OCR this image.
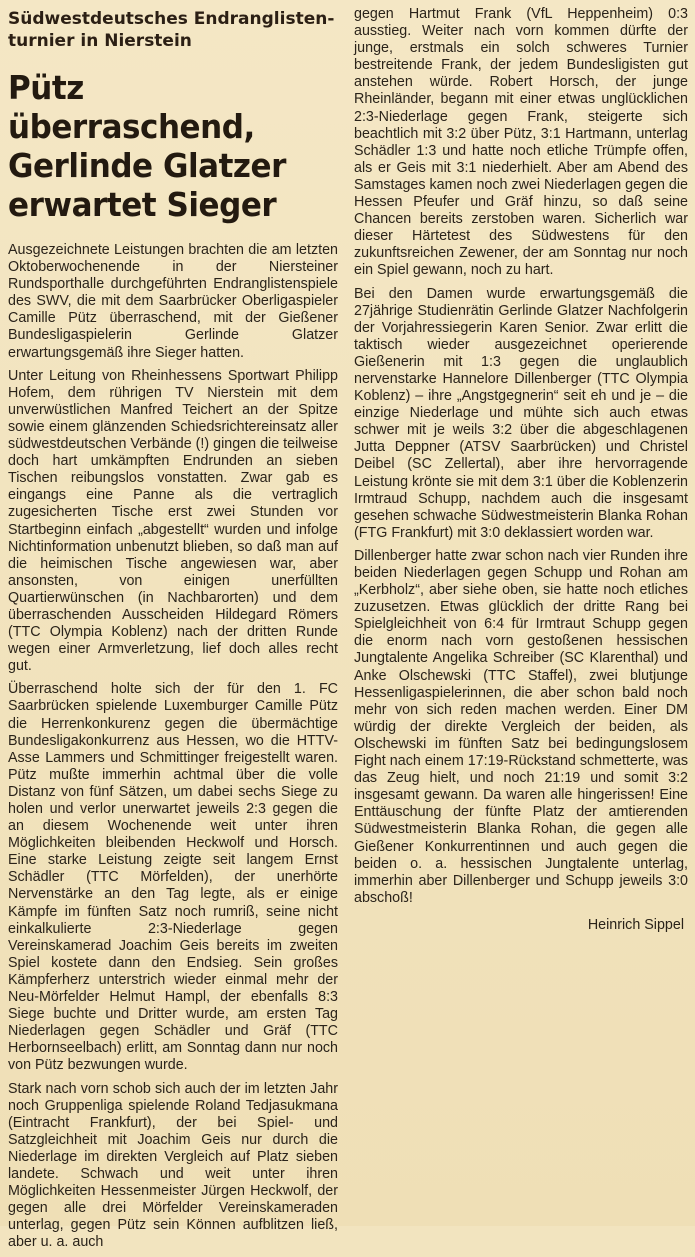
Südwestdeutsches Endranglisten-
turnier in Nierstein
Pütz überraschend,
Gerlinde Glatzer
erwartet Sieger

Ausgezeichnete Leistungen brachten die am letzten Oktoberwochenende in der Niersteiner Rundsporthalle durchgeführten Endranglistenspiele des SWV, die mit dem Saarbrücker Oberligaspieler Camille Pütz überraschend, mit der Gießener Bundesligaspielerin Gerlinde Glatzer erwartungsgemäß ihre Sieger hatten.

Unter Leitung von Rheinhessens Sportwart Philipp Hofem, dem rührigen TV Nierstein mit dem unverwüstlichen Manfred Teichert an der Spitze sowie einem glänzenden Schiedsrichtereinsatz aller südwestdeutschen Verbände (!) gingen die teilweise doch hart umkämpften Endrunden an sieben Tischen reibungslos vonstatten. Zwar gab es eingangs eine Panne als die vertraglich zugesicherten Tische erst zwei Stunden vor Startbeginn einfach „abgestellt“ wurden und infolge Nichtinformation unbenutzt blieben, so daß man auf die heimischen Tische angewiesen war, aber ansonsten, von einigen unerfüllten Quartierwünschen (in Nachbarorten) und dem überraschenden Ausscheiden Hildegard Römers (TTC Olympia Koblenz) nach der dritten Runde wegen einer Armverletzung, lief doch alles recht gut.

Überraschend holte sich der für den 1. FC Saarbrücken spielende Luxemburger Camille Pütz die Herrenkonkurenz gegen die übermächtige Bundesligakonkurrenz aus Hessen, wo die HTTV-Asse Lammers und Schmittinger freigestellt waren. Pütz mußte immerhin achtmal über die volle Distanz von fünf Sätzen, um dabei sechs Siege zu holen und verlor unerwartet jeweils 2:3 gegen die an diesem Wochenende weit unter ihren Möglichkeiten bleibenden Heckwolf und Horsch. Eine starke Leistung zeigte seit langem Ernst Schädler (TTC Mörfelden), der unerhörte Nervenstärke an den Tag legte, als er einige Kämpfe im fünften Satz noch rumriß, seine nicht einkalkulierte 2:3-Niederlage gegen Vereinskamerad Joachim Geis bereits im zweiten Spiel kostete dann den Endsieg. Sein großes Kämpferherz unterstrich wieder einmal mehr der Neu-Mörfelder Helmut Hampl, der ebenfalls 8:3 Siege buchte und Dritter wurde, am ersten Tag Niederlagen gegen Schädler und Gräf (TTC Herbornseelbach) erlitt, am Sonntag dann nur noch von Pütz bezwungen wurde.

Stark nach vorn schob sich auch der im letzten Jahr noch Gruppenliga spielende Roland Tedjasukmana (Eintracht Frankfurt), der bei Spiel- und Satzgleichheit mit Joachim Geis nur durch die Niederlage im direkten Vergleich auf Platz sieben landete. Schwach und weit unter ihren Möglichkeiten Hessenmeister Jürgen Heckwolf, der gegen alle drei Mörfelder Vereinskameraden unterlag, gegen Pütz sein Können aufblitzen ließ, aber u. a. auch

gegen Hartmut Frank (VfL Heppenheim) 0:3 ausstieg. Weiter nach vorn kommen dürfte der junge, erstmals ein solch schweres Turnier bestreitende Frank, der jedem Bundesligisten gut anstehen würde. Robert Horsch, der junge Rheinländer, begann mit einer etwas unglücklichen 2:3-Niederlage gegen Frank, steigerte sich beachtlich mit 3:2 über Pütz, 3:1 Hartmann, unterlag Schädler 1:3 und hatte noch etliche Trümpfe offen, als er Geis mit 3:1 niederhielt. Aber am Abend des Samstages kamen noch zwei Niederlagen gegen die Hessen Pfeufer und Gräf hinzu, so daß seine Chancen bereits zerstoben waren. Sicherlich war dieser Härtetest des Südwestens für den zukunftsreichen Zewener, der am Sonntag nur noch ein Spiel gewann, noch zu hart.

Bei den Damen wurde erwartungsgemäß die 27jährige Studienrätin Gerlinde Glatzer Nachfolgerin der Vorjahressiegerin Karen Senior. Zwar erlitt die taktisch wieder ausgezeichnet operierende Gießenerin mit 1:3 gegen die unglaublich nervenstarke Hannelore Dillenberger (TTC Olympia Koblenz) – ihre „Angstgegnerin“ seit eh und je – die einzige Niederlage und mühte sich auch etwas schwer mit je weils 3:2 über die abgeschlagenen Jutta Deppner (ATSV Saarbrücken) und Christel Deibel (SC Zellertal), aber ihre hervorragende Leistung krönte sie mit dem 3:1 über die Koblenzerin Irmtraud Schupp, nachdem auch die insgesamt gesehen schwache Südwestmeisterin Blanka Rohan (FTG Frankfurt) mit 3:0 deklassiert worden war.

Dillenberger hatte zwar schon nach vier Runden ihre beiden Niederlagen gegen Schupp und Rohan am „Kerbholz“, aber siehe oben, sie hatte noch etliches zuzusetzen. Etwas glücklich der dritte Rang bei Spielgleichheit von 6:4 für Irmtraut Schupp gegen die enorm nach vorn gestoßenen hessischen Jungtalente Angelika Schreiber (SC Klarenthal) und Anke Olschewski (TTC Staffel), zwei blutjunge Hessenligaspielerinnen, die aber schon bald noch mehr von sich reden machen werden. Einer DM würdig der direkte Vergleich der beiden, als Olschewski im fünften Satz bei bedingungslosem Fight nach einem 17:19-Rückstand schmetterte, was das Zeug hielt, und noch 21:19 und somit 3:2 insgesamt gewann. Da waren alle hingerissen! Eine Enttäuschung der fünfte Platz der amtierenden Südwestmeisterin Blanka Rohan, die gegen alle Gießener Konkurrentinnen und auch gegen die beiden o. a. hessischen Jungtalente unterlag, immerhin aber Dillenberger und Schupp jeweils 3:0 abschoß!

Heinrich Sippel
